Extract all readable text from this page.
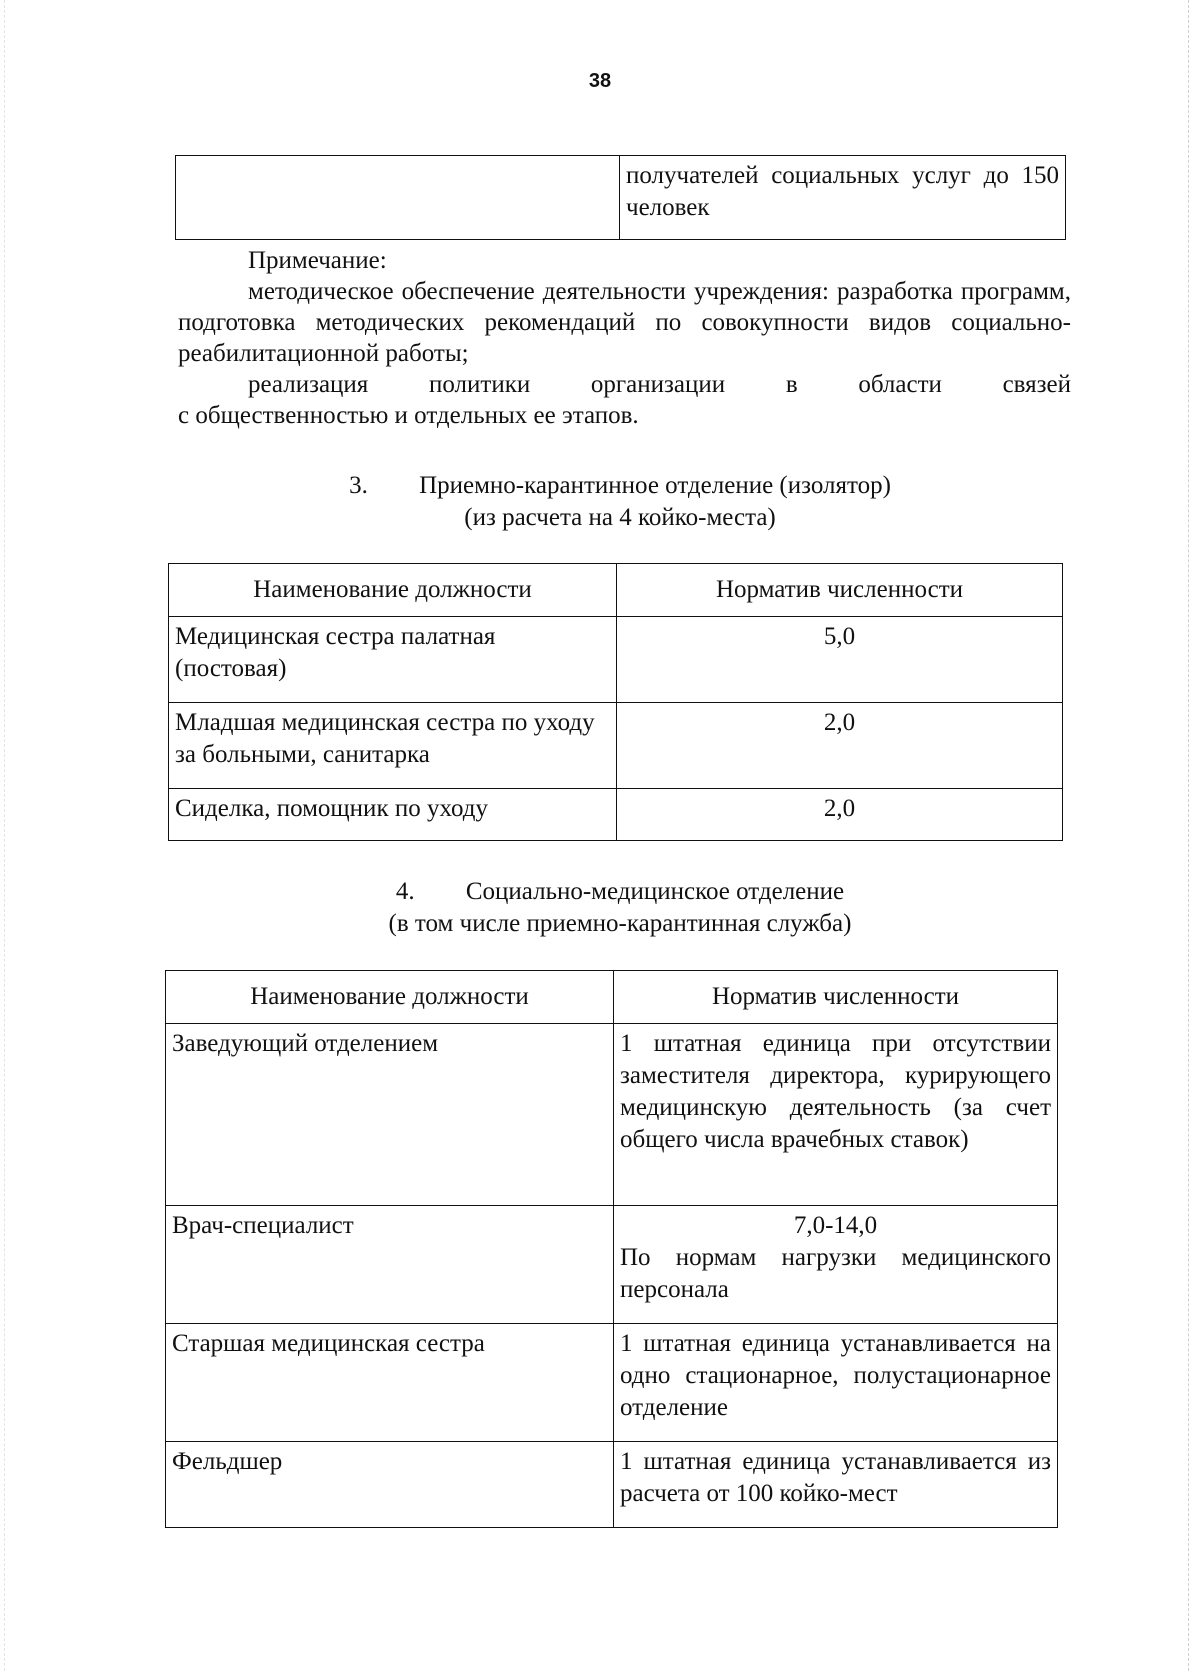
38
	получателей социальных услуг до 150 человек

Примечание:

методическое обеспечение деятельности учреждения: разработка программ, подготовка методических рекомендаций по совокупности видов социально-реабилитационной работы;

реализация политики организации в области связей

с общественностью и отдельных ее этапов.

3. Приемно-карантинное отделение (изолятор)
(из расчета на 4 койко-места)
Наименование должности	Норматив численности
Медицинская сестра палатная (постовая)	5,0
Младшая медицинская сестра по уходу за больными, санитарка	2,0
Сиделка, помощник по уходу	2,0
4. Социально-медицинское отделение
(в том числе приемно-карантинная служба)
Наименование должности	Норматив численности
Заведующий отделением	1 штатная единица при отсутствии заместителя директора, курирующего медицинскую деятельность (за счет общего числа врачебных ставок)
Врач-специалист	7,0-14,0
По нормам нагрузки медицинского персонала

Старшая медицинская сестра	1 штатная единица устанавливается на одно стационарное, полустационарное отделение
Фельдшер	1 штатная единица устанавливается из расчета от 100 койко-мест
